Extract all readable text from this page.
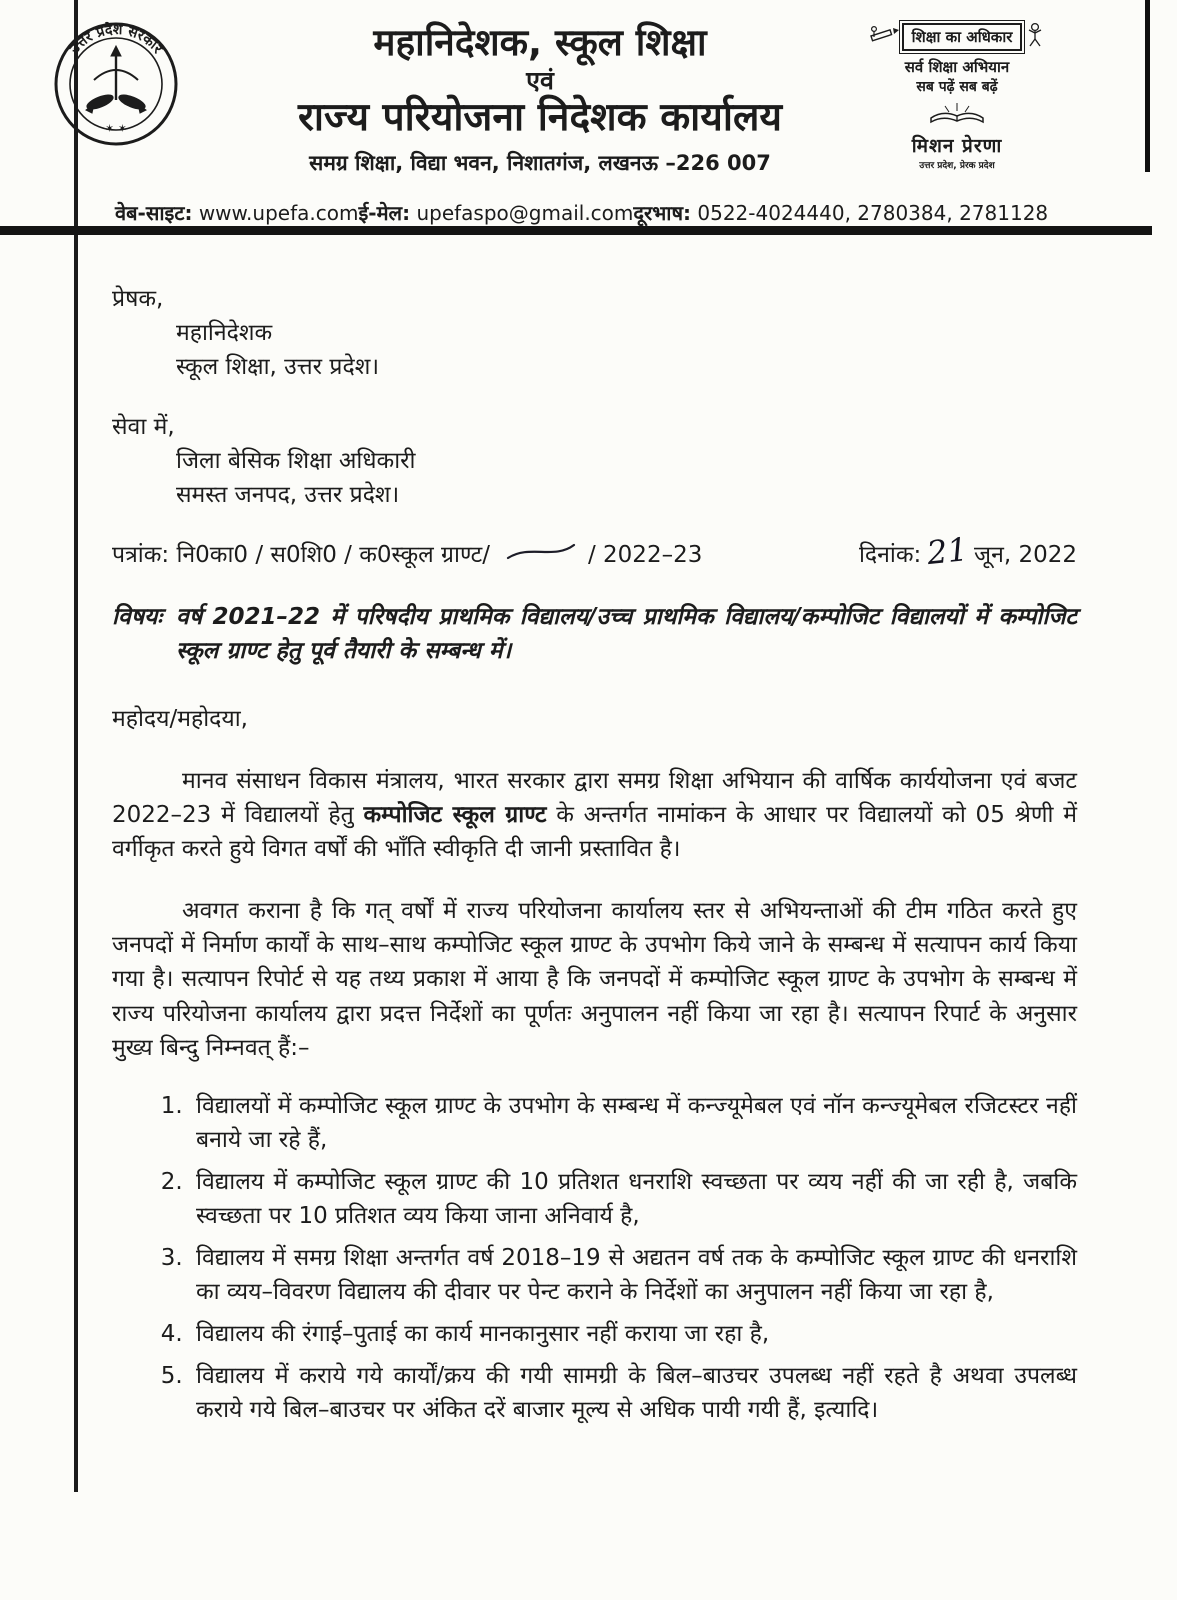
उत्तर प्रदेश सरकार
✶ ✶
महानिदेशक, स्कूल शिक्षा
एवं
राज्य परियोजना निदेशक कार्यालय
समग्र शिक्षा, विद्या भवन, निशातगंज, लखनऊ –226 007
शिक्षा का अधिकार
सर्व शिक्षा अभियान
सब पढ़ें सब बढ़ें
मिशन प्रेरणा
उत्तर प्रदेश, प्रेरक प्रदेश
वेब-साइट: www.upefa.com ई-मेल: upefaspo@gmail.com दूरभाष: 0522-4024440, 2780384, 2781128
प्रेषक,
महानिदेशक
स्कूल शिक्षा, उत्तर प्रदेश।
सेवा में,
जिला बेसिक शिक्षा अधिकारी
समस्त जनपद, उत्तर प्रदेश।
पत्रांक:
नि0का0 / स0शि0 / क0स्कूल ग्राण्ट/	/ 2022–23	दिनांक: 21 जून, 2022
विषयः वर्ष 2021–22 में परिषदीय प्राथमिक विद्यालय/उच्च प्राथमिक विद्यालय/कम्पोजिट विद्यालयों में कम्पोजिट स्कूल ग्राण्ट हेतु पूर्व तैयारी के सम्बन्ध में।
महोदय/महोदया,

मानव संसाधन विकास मंत्रालय, भारत सरकार द्वारा समग्र शिक्षा अभियान की वार्षिक कार्ययोजना एवं बजट 2022–23 में विद्यालयों हेतु कम्पोजिट स्कूल ग्राण्ट के अन्तर्गत नामांकन के आधार पर विद्यालयों को 05 श्रेणी में वर्गीकृत करते हुये विगत वर्षों की भाँति स्वीकृति दी जानी प्रस्तावित है।

अवगत कराना है कि गत् वर्षों में राज्य परियोजना कार्यालय स्तर से अभियन्ताओं की टीम गठित करते हुए जनपदों में निर्माण कार्यों के साथ–साथ कम्पोजिट स्कूल ग्राण्ट के उपभोग किये जाने के सम्बन्ध में सत्यापन कार्य किया गया है। सत्यापन रिपोर्ट से यह तथ्य प्रकाश में आया है कि जनपदों में कम्पोजिट स्कूल ग्राण्ट के उपभोग के सम्बन्ध में राज्य परियोजना कार्यालय द्वारा प्रदत्त निर्देशों का पूर्णतः अनुपालन नहीं किया जा रहा है। सत्यापन रिपार्ट के अनुसार मुख्य बिन्दु निम्नवत् हैं:–

1. विद्यालयों में कम्पोजिट स्कूल ग्राण्ट के उपभोग के सम्बन्ध में कन्ज्यूमेबल एवं नॉन कन्ज्यूमेबल रजिटस्टर नहीं बनाये जा रहे हैं,
2. विद्यालय में कम्पोजिट स्कूल ग्राण्ट की 10 प्रतिशत धनराशि स्वच्छता पर व्यय नहीं की जा रही है, जबकि स्वच्छता पर 10 प्रतिशत व्यय किया जाना अनिवार्य है,
3. विद्यालय में समग्र शिक्षा अन्तर्गत वर्ष 2018–19 से अद्यतन वर्ष तक के कम्पोजिट स्कूल ग्राण्ट की धनराशि का व्यय–विवरण विद्यालय की दीवार पर पेन्ट कराने के निर्देशों का अनुपालन नहीं किया जा रहा है,
4. विद्यालय की रंगाई–पुताई का कार्य मानकानुसार नहीं कराया जा रहा है,
5. विद्यालय में कराये गये कार्यों/क्रय की गयी सामग्री के बिल–बाउचर उपलब्ध नहीं रहते है अथवा उपलब्ध कराये गये बिल–बाउचर पर अंकित दरें बाजार मूल्य से अधिक पायी गयी हैं, इत्यादि।
